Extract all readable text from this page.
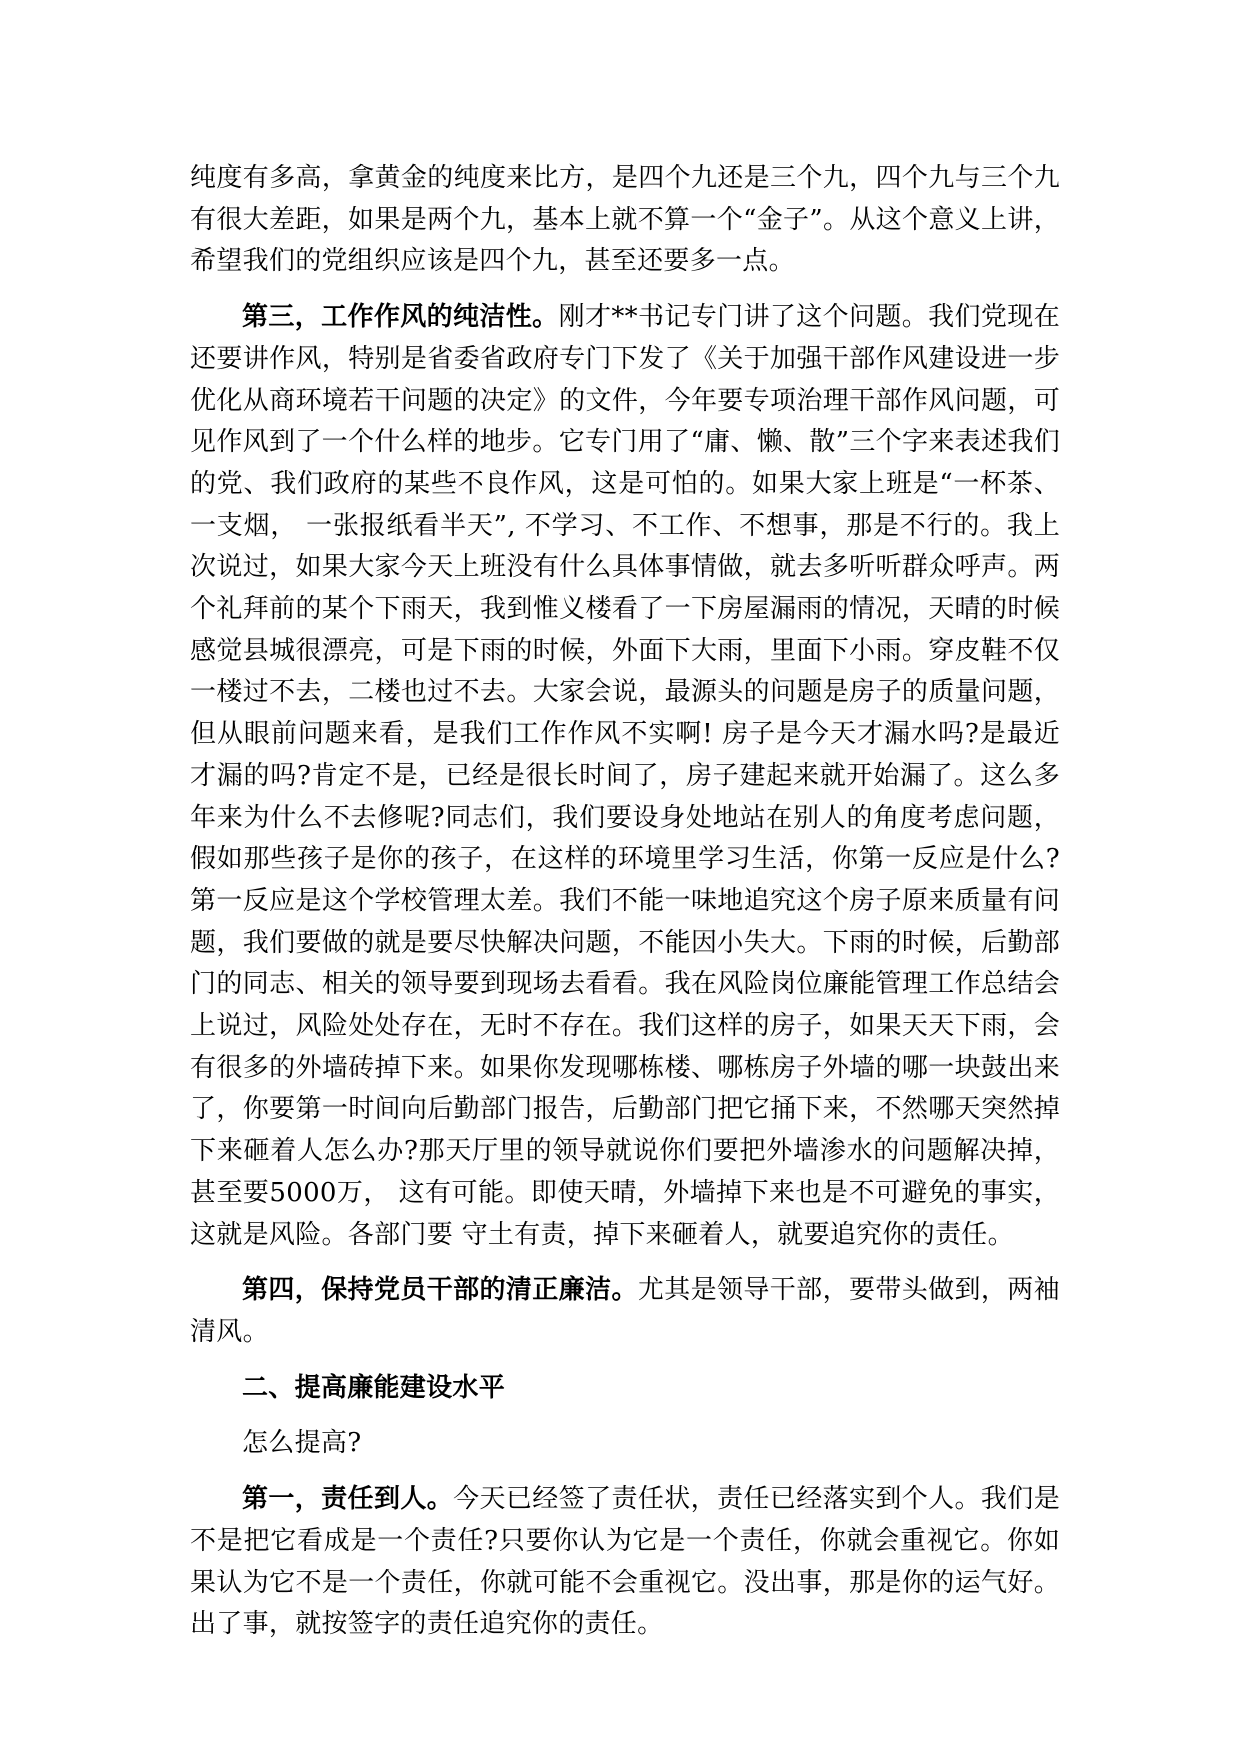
纯度有多高，拿黄金的纯度来比方，是四个九还是三个九，四个九与三个九有很大差距，如果是两个九，基本上就不算一个“金子”。从这个意义上讲，希望我们的党组织应该是四个九，甚至还要多一点。

第三，工作作风的纯洁性。刚才**书记专门讲了这个问题。我们党现在还要讲作风，特别是省委省政府专门下发了《关于加强干部作风建设进一步优化从商环境若干问题的决定》的文件，今年要专项治理干部作风问题，可见作风到了一个什么样的地步。它专门用了“庸、懒、散”三个字来表述我们的党、我们政府的某些不良作风，这是可怕的。如果大家上班是“一杯茶、 一支烟， 一张报纸看半天”, 不学习、不工作、不想事，那是不行的。我上次说过，如果大家今天上班没有什么具体事情做，就去多听听群众呼声。两个礼拜前的某个下雨天，我到惟义楼看了一下房屋漏雨的情况，天晴的时候感觉县城很漂亮，可是下雨的时候，外面下大雨，里面下小雨。穿皮鞋不仅一楼过不去，二楼也过不去。大家会说，最源头的问题是房子的质量问题，但从眼前问题来看，是我们工作作风不实啊! 房子是今天才漏水吗?是最近才漏的吗?肯定不是，已经是很长时间了，房子建起来就开始漏了。这么多年来为什么不去修呢?同志们，我们要设身处地站在别人的角度考虑问题，假如那些孩子是你的孩子，在这样的环境里学习生活，你第一反应是什么?第一反应是这个学校管理太差。我们不能一味地追究这个房子原来质量有问题，我们要做的就是要尽快解决问题，不能因小失大。下雨的时候，后勤部门的同志、相关的领导要到现场去看看。我在风险岗位廉能管理工作总结会上说过，风险处处存在，无时不存在。我们这样的房子，如果天天下雨，会有很多的外墙砖掉下来。如果你发现哪栋楼、哪栋房子外墙的哪一块鼓出来了，你要第一时间向后勤部门报告，后勤部门把它捅下来，不然哪天突然掉下来砸着人怎么办?那天厅里的领导就说你们要把外墙渗水的问题解决掉，甚至要5000万， 这有可能。即使天晴，外墙掉下来也是不可避免的事实，这就是风险。各部门要 守土有责，掉下来砸着人，就要追究你的责任。

第四，保持党员干部的清正廉洁。尤其是领导干部，要带头做到，两袖清风。

二、提高廉能建设水平

怎么提高?

第一，责任到人。今天已经签了责任状，责任已经落实到个人。我们是不是把它看成是一个责任?只要你认为它是一个责任，你就会重视它。你如果认为它不是一个责任，你就可能不会重视它。没出事，那是你的运气好。出了事，就按签字的责任追究你的责任。
